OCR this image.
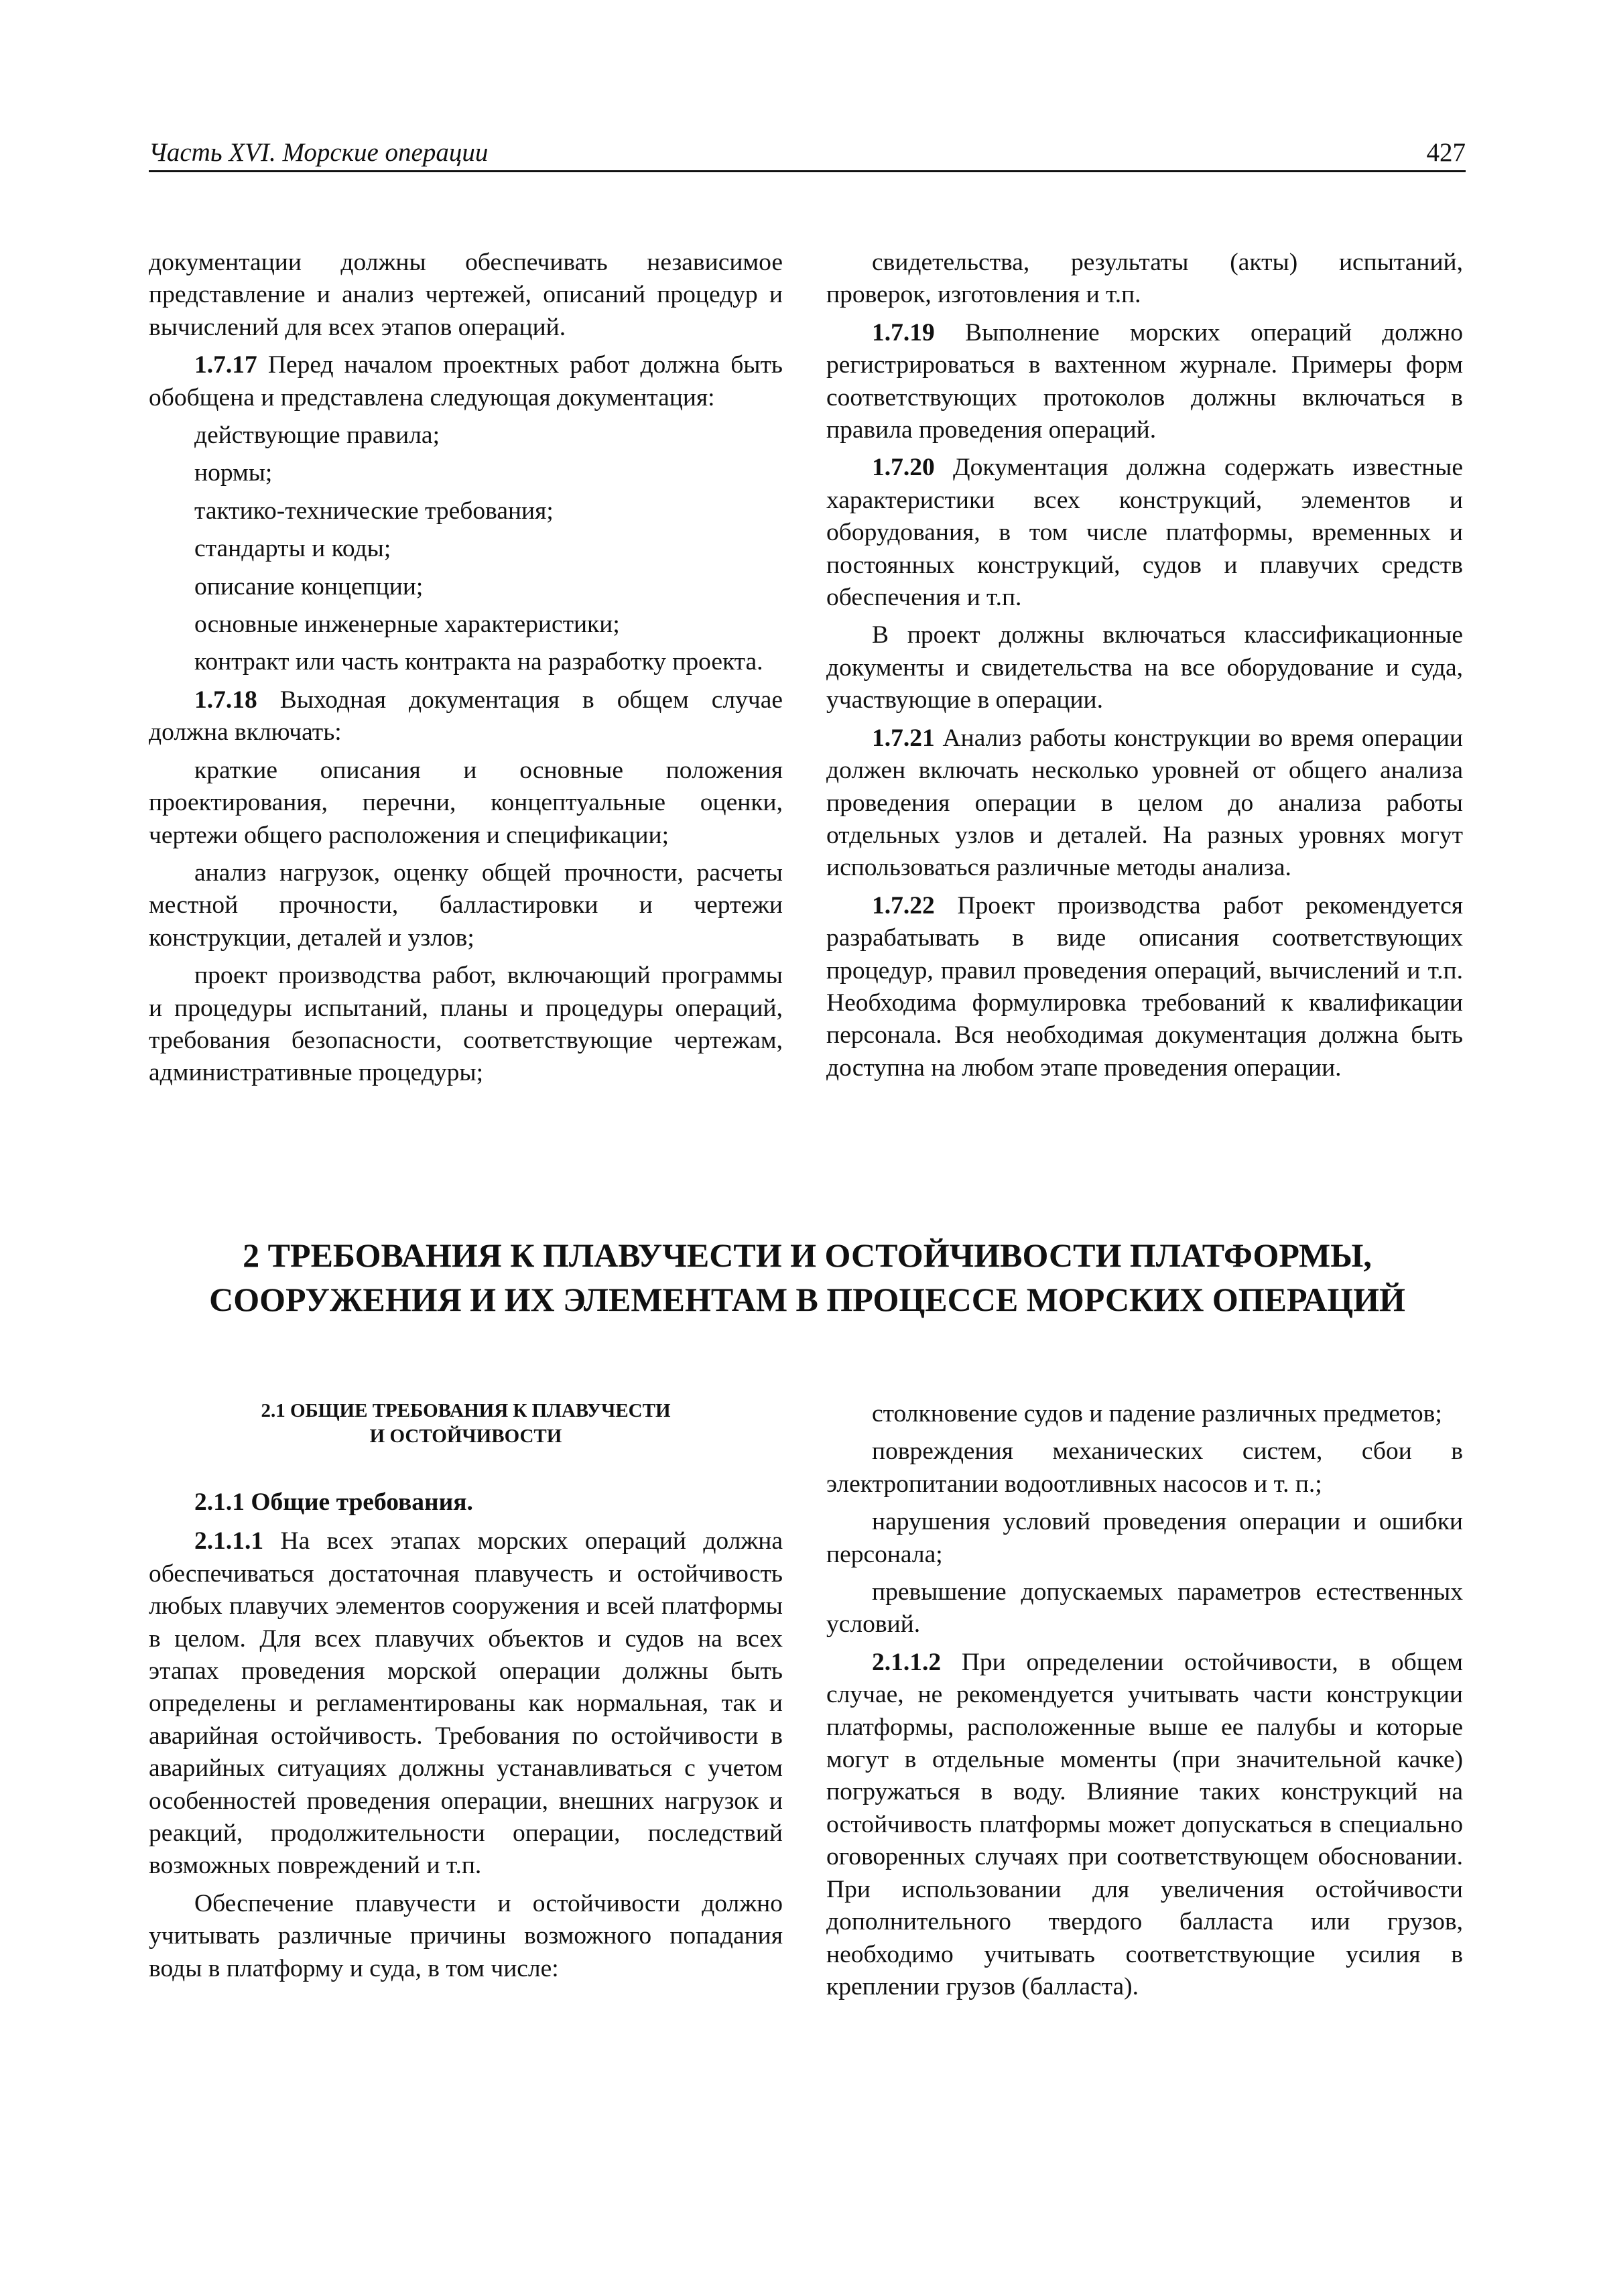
Часть XVI. Морские операции	427

документации должны обеспечивать независимое представление и анализ чертежей, описаний процедур и вычислений для всех этапов операций.

1.7.17 Перед началом проектных работ должна быть обобщена и представлена следующая документация:

действующие правила;

нормы;

тактико-технические требования;

стандарты и коды;

описание концепции;

основные инженерные характеристики;

контракт или часть контракта на разработку проекта.

1.7.18 Выходная документация в общем случае должна включать:

краткие описания и основные положения проектирования, перечни, концептуальные оценки, чертежи общего расположения и спецификации;

анализ нагрузок, оценку общей прочности, расчеты местной прочности, балластировки и чертежи конструкции, деталей и узлов;

проект производства работ, включающий программы и процедуры испытаний, планы и процедуры операций, требования безопасности, соответствующие чертежам, административные процедуры;

свидетельства, результаты (акты) испытаний, проверок, изготовления и т.п.

1.7.19 Выполнение морских операций должно регистрироваться в вахтенном журнале. Примеры форм соответствующих протоколов должны включаться в правила проведения операций.

1.7.20 Документация должна содержать известные характеристики всех конструкций, элементов и оборудования, в том числе платформы, временных и постоянных конструкций, судов и плавучих средств обеспечения и т.п.

В проект должны включаться классификационные документы и свидетельства на все оборудование и суда, участвующие в операции.

1.7.21 Анализ работы конструкции во время операции должен включать несколько уровней от общего анализа проведения операции в целом до анализа работы отдельных узлов и деталей. На разных уровнях могут использоваться различные методы анализа.

1.7.22 Проект производства работ рекомендуется разрабатывать в виде описания соответствующих процедур, правил проведения операций, вычислений и т.п. Необходима формулировка требований к квалификации персонала. Вся необходимая документация должна быть доступна на любом этапе проведения операции.

2 ТРЕБОВАНИЯ К ПЛАВУЧЕСТИ И ОСТОЙЧИВОСТИ ПЛАТФОРМЫ,
СООРУЖЕНИЯ И ИХ ЭЛЕМЕНТАМ В ПРОЦЕССЕ МОРСКИХ ОПЕРАЦИЙ
2.1 ОБЩИЕ ТРЕБОВАНИЯ К ПЛАВУЧЕСТИ
И ОСТОЙЧИВОСТИ
2.1.1 Общие требования.

2.1.1.1 На всех этапах морских операций должна обеспечиваться достаточная плавучесть и остойчивость любых плавучих элементов сооружения и всей платформы в целом. Для всех плавучих объектов и судов на всех этапах проведения морской операции должны быть определены и регламентированы как нормальная, так и аварийная остойчивость. Требования по остойчивости в аварийных ситуациях должны устанавливаться с учетом особенностей проведения операции, внешних нагрузок и реакций, продолжительности операции, последствий возможных повреждений и т.п.

Обеспечение плавучести и остойчивости должно учитывать различные причины возможного попадания воды в платформу и суда, в том числе:

столкновение судов и падение различных предметов;

повреждения механических систем, сбои в электропитании водоотливных насосов и т. п.;

нарушения условий проведения операции и ошибки персонала;

превышение допускаемых параметров естественных условий.

2.1.1.2 При определении остойчивости, в общем случае, не рекомендуется учитывать части конструкции платформы, расположенные выше ее палубы и которые могут в отдельные моменты (при значительной качке) погружаться в воду. Влияние таких конструкций на остойчивость платформы может допускаться в специально оговоренных случаях при соответствующем обосновании. При использовании для увеличения остойчивости дополнительного твердого балласта или грузов, необходимо учитывать соответствующие усилия в креплении грузов (балласта).
